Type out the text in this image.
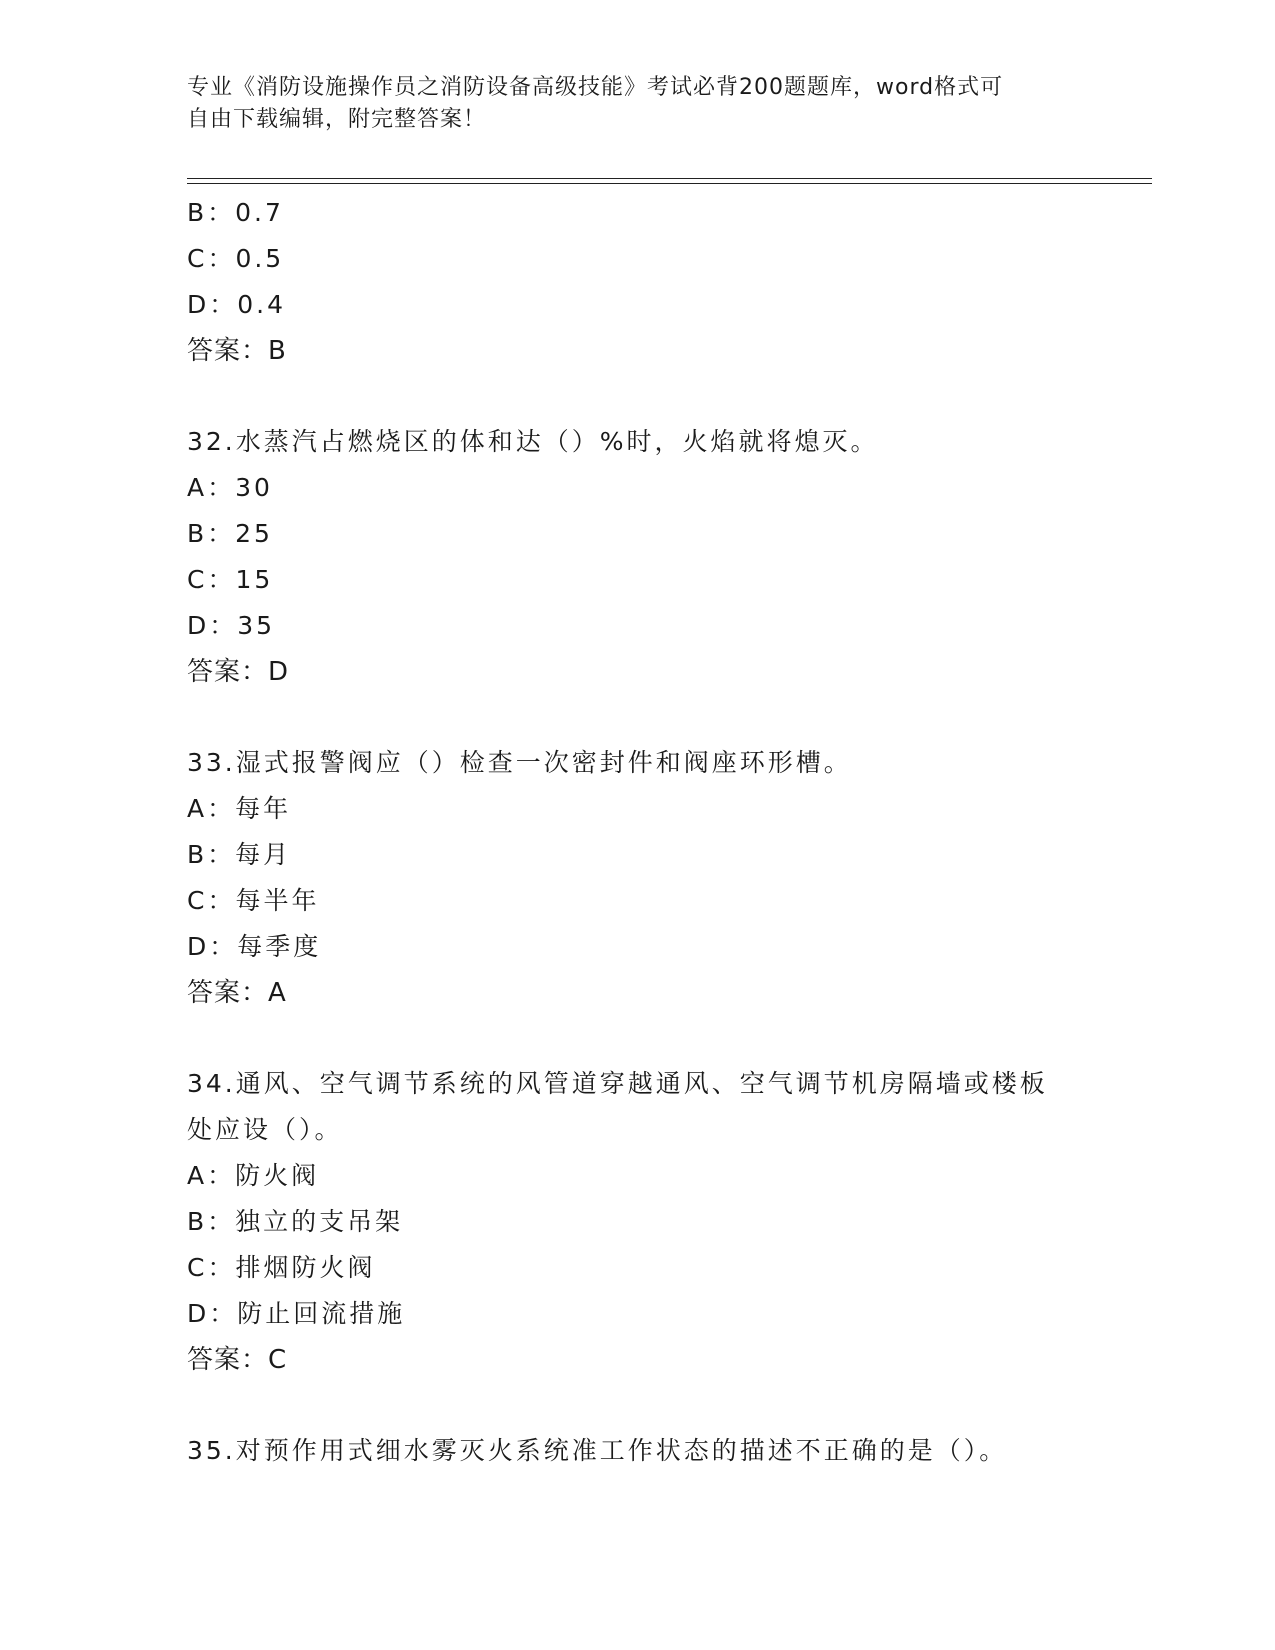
专业《消防设施操作员之消防设备高级技能》考试必背200题题库，word格式可
自由下载编辑，附完整答案！
B：0.7
C：0.5
D：0.4
答案：B
32.水蒸汽占燃烧区的体和达（）%时，火焰就将熄灭。
A：30
B：25
C：15
D：35
答案：D
33.湿式报警阀应（）检查一次密封件和阀座环形槽。
A：每年
B：每月
C：每半年
D：每季度
答案：A
34.通风、空气调节系统的风管道穿越通风、空气调节机房隔墙或楼板
处应设（）。
A：防火阀
B：独立的支吊架
C：排烟防火阀
D：防止回流措施
答案：C
35.对预作用式细水雾灭火系统准工作状态的描述不正确的是（）。
